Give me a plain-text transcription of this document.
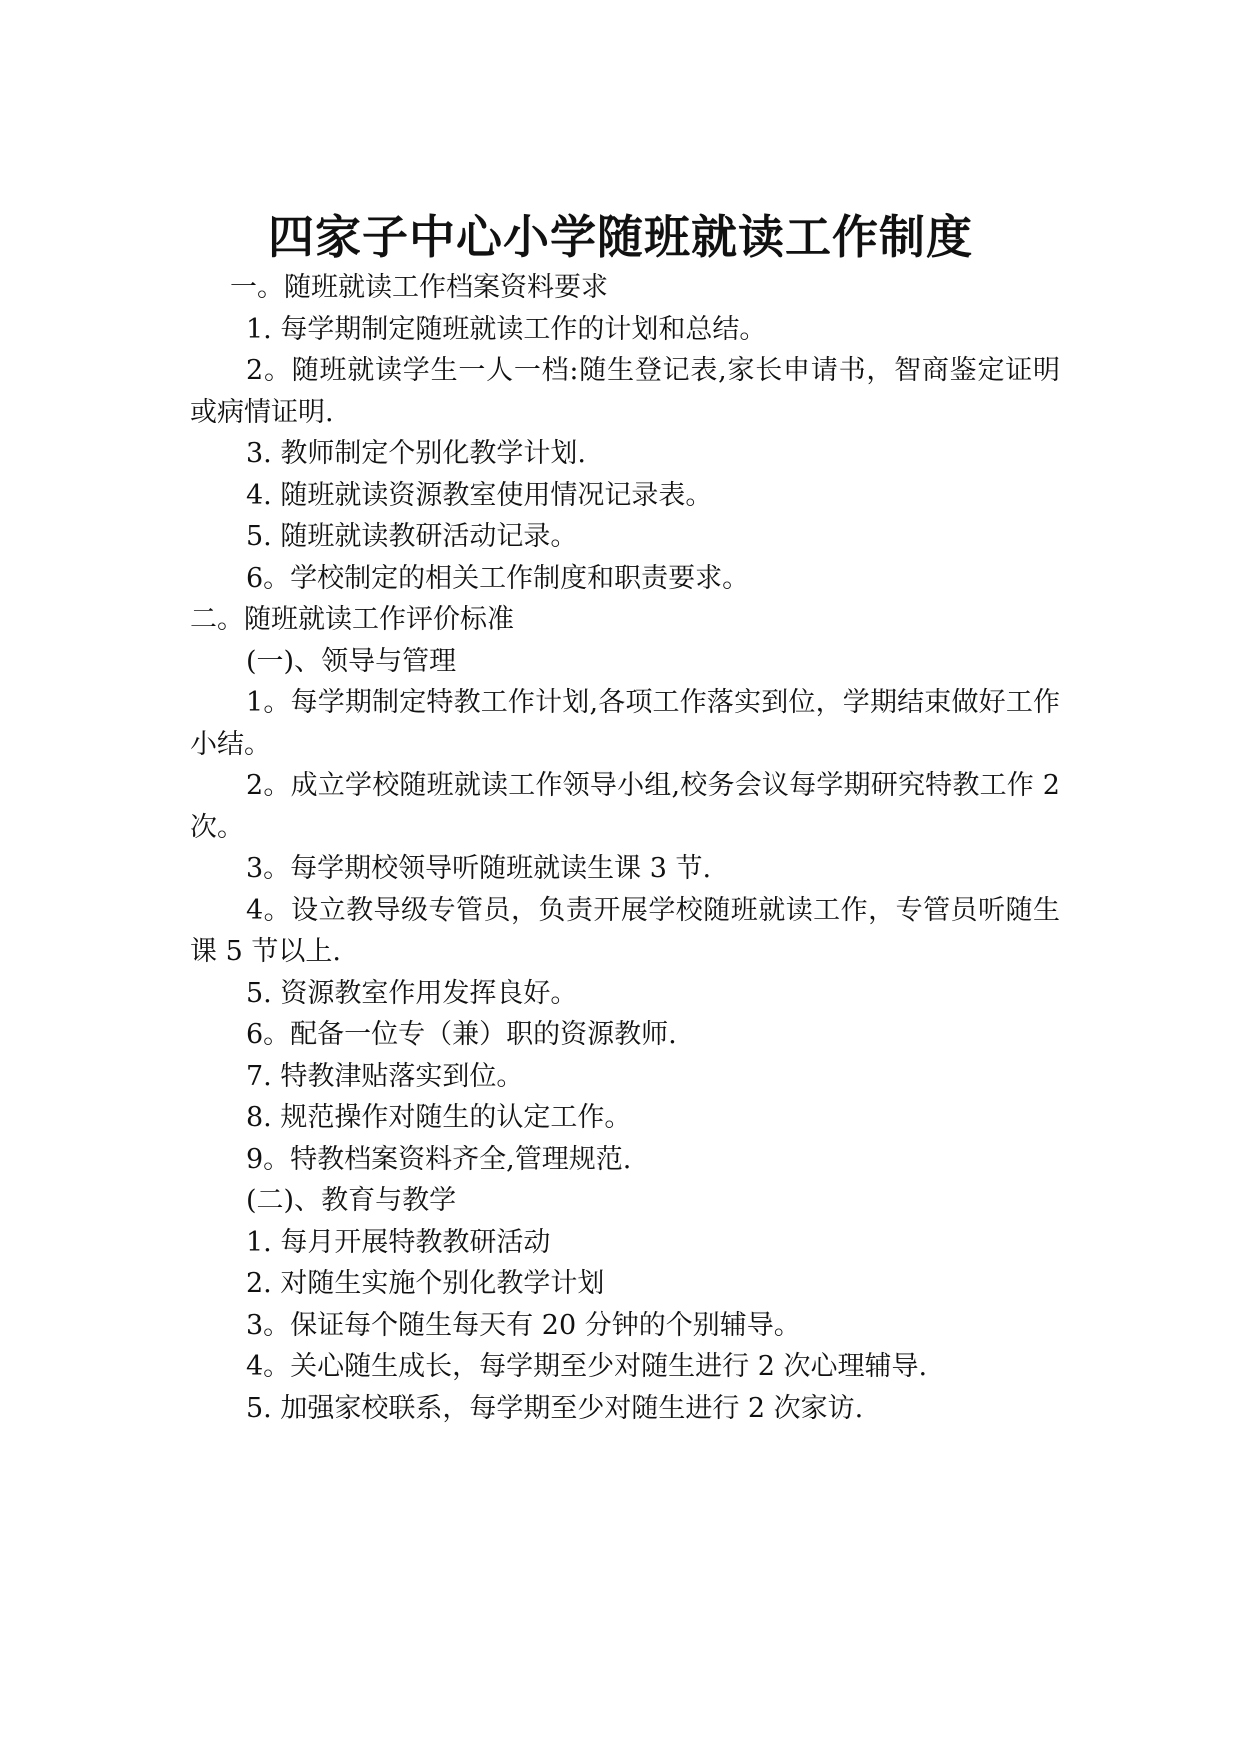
四家子中心小学随班就读工作制度

一。随班就读工作档案资料要求

1. 每学期制定随班就读工作的计划和总结。

2。随班就读学生一人一档:随生登记表,家长申请书，智商鉴定证明或病情证明.

3. 教师制定个别化教学计划.

4. 随班就读资源教室使用情况记录表。

5. 随班就读教研活动记录。

6。学校制定的相关工作制度和职责要求。

二。随班就读工作评价标准

(一)、领导与管理

1。每学期制定特教工作计划,各项工作落实到位，学期结束做好工作小结。

2。成立学校随班就读工作领导小组,校务会议每学期研究特教工作 2 次。

3。每学期校领导听随班就读生课 3 节.

4。设立教导级专管员，负责开展学校随班就读工作，专管员听随生课 5 节以上.

5. 资源教室作用发挥良好。

6。配备一位专（兼）职的资源教师.

7. 特教津贴落实到位。

8. 规范操作对随生的认定工作。

9。特教档案资料齐全,管理规范.

(二)、教育与教学

1. 每月开展特教教研活动

2. 对随生实施个别化教学计划

3。保证每个随生每天有 20 分钟的个别辅导。

4。关心随生成长，每学期至少对随生进行 2 次心理辅导.

5. 加强家校联系，每学期至少对随生进行 2 次家访.
